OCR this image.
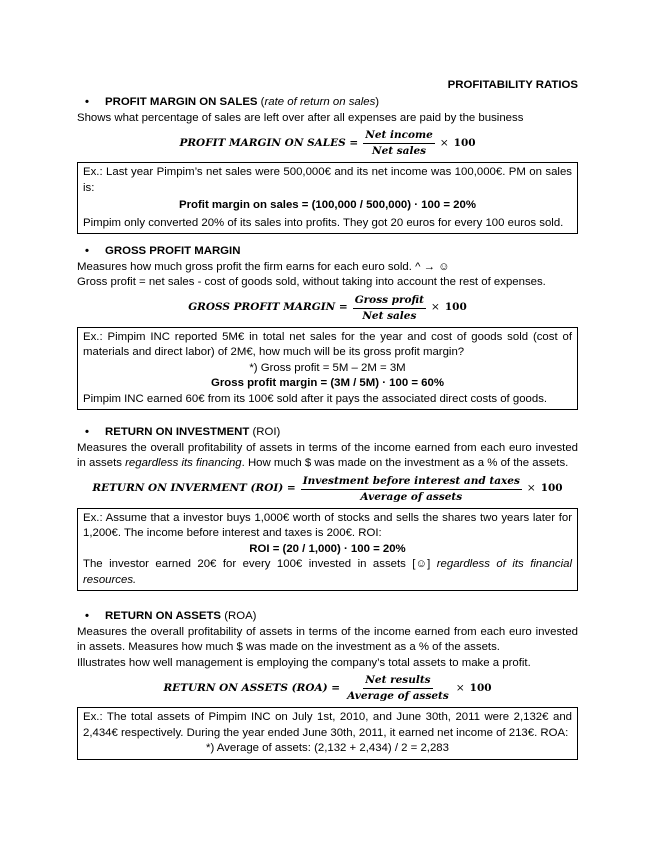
PROFITABILITY RATIOS
•	PROFIT MARGIN ON SALES (rate of return on sales)
Shows what percentage of sales are left over after all expenses are paid by the business
PROFIT MARGIN ON SALES = $\frac{\text{Net income}}{\text{Net sales}} \times 100$
Ex.: Last year Pimpim’s net sales were 500,000€ and its net income was 100,000€. PM on sales is:
Profit margin on sales = (100,000 / 500,000) · 100 = 20%
Pimpim only converted 20% of its sales into profits. They got 20 euros for every 100 euros sold.
•	GROSS PROFIT MARGIN
Measures how much gross profit the firm earns for each euro sold. ^ → ☺
Gross profit = net sales - cost of goods sold, without taking into account the rest of expenses.
GROSS PROFIT MARGIN = $\frac{\text{Gross profit}}{\text{Net sales}} \times 100$
Ex.: Pimpim INC reported 5M€ in total net sales for the year and cost of goods sold (cost of materials and direct labor) of 2M€, how much will be its gross profit margin?
*) Gross profit = 5M – 2M = 3M
Gross profit margin = (3M / 5M) · 100 = 60%
Pimpim INC earned 60€ from its 100€ sold after it pays the associated direct costs of goods.
•	RETURN ON INVESTMENT (ROI)
Measures the overall profitability of assets in terms of the income earned from each euro invested in assets regardless its financing. How much $ was made on the investment as a % of the assets.
RETURN ON INVERMENT $(ROI) = \frac{\text{Investment before interest and taxes}}{\text{Average of assets}} \times 100$
Ex.: Assume that a investor buys 1,000€ worth of stocks and sells the shares two years later for 1,200€. The income before interest and taxes is 200€. ROI:
ROI = (20 / 1,000) · 100 = 20%
The investor earned 20€ for every 100€ invested in assets [☺] regardless of its financial resources.
•	RETURN ON ASSETS (ROA)
Measures the overall profitability of assets in terms of the income earned from each euro invested in assets. Measures how much $ was made on the investment as a % of the assets.
Illustrates how well management is employing the company’s total assets to make a profit.
RETURN ON ASSETS $(ROA) = \frac{\text{Net results}}{\text{Average of assets}} \times 100$
Ex.: The total assets of Pimpim INC on July 1st, 2010, and June 30th, 2011 were 2,132€ and 2,434€ respectively. During the year ended June 30th, 2011, it earned net income of 213€. ROA:
*) Average of assets: (2,132 + 2,434) / 2 = 2,283
